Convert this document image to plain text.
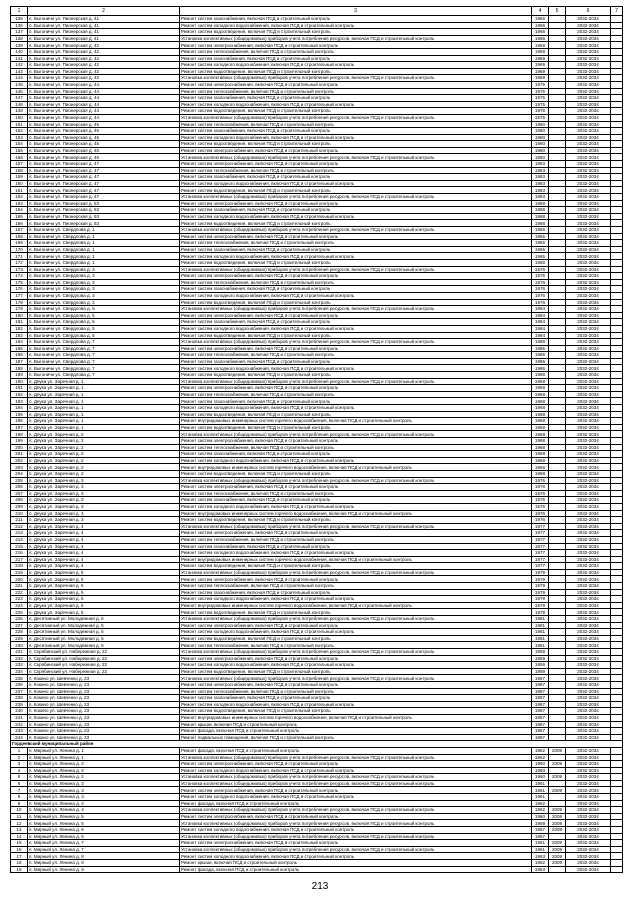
1	2	3	4	5	6	7
135	п. Выгоничи ул. Пионерская д. 41	Ремонт систем газоснабжения, включая ПСД и строительный контроль	1966		2032-2034	
136	п. Выгоничи ул. Пионерская д. 41	Ремонт систем холодного водоснабжения, включая ПСД и строительный контроль	1966		2032-2034	
137	п. Выгоничи ул. Пионерская д. 41	Ремонт систем водоотведения, включая ПСД и строительный контроль	1966		2032-2034	
138	п. Выгоничи ул. Пионерская д. 41	Установка коллективных (общедомовых) приборов учета потребления ресурсов, включая ПСД и строительный контроль	1966		2032-2034	
139	п. Выгоничи ул. Пионерская д. 42	Ремонт систем электроснабжения, включая ПСД и строительный контроль	1969		2032-2034	
140	п. Выгоничи ул. Пионерская д. 42	Ремонт систем теплоснабжения, включая ПСД и строительный контроль	1969		2032-2034	
141	п. Выгоничи ул. Пионерская д. 42	Ремонт систем газоснабжения, включая ПСД и строительный контроль	1969		2032-2034	
142	п. Выгоничи ул. Пионерская д. 42	Ремонт систем холодного водоснабжения, включая ПСД и строительный контроль	1969		2032-2034	
143	п. Выгоничи ул. Пионерская д. 42	Ремонт систем водоотведения, включая ПСД и строительный контроль	1969		2032-2034	
144	п. Выгоничи ул. Пионерская д. 42	Установка коллективных (общедомовых) приборов учета потребления ресурсов, включая ПСД и строительный контроль	1969		2032-2034	
145	п. Выгоничи ул. Пионерская д. 44	Ремонт систем электроснабжения, включая ПСД и строительный контроль	1975		2032-2034	
146	п. Выгоничи ул. Пионерская д. 44	Ремонт систем теплоснабжения, включая ПСД и строительный контроль	1975		2032-2034	
147	п. Выгоничи ул. Пионерская д. 44	Ремонт систем газоснабжения, включая ПСД и строительный контроль	1975		2032-2034	
148	п. Выгоничи ул. Пионерская д. 44	Ремонт систем холодного водоснабжения, включая ПСД и строительный контроль	1975		2032-2034	
149	п. Выгоничи ул. Пионерская д. 44	Ремонт систем водоотведения, включая ПСД и строительный контроль	1975		2032-2034	
150	п. Выгоничи ул. Пионерская д. 44	Установка коллективных (общедомовых) приборов учета потребления ресурсов, включая ПСД и строительный контроль	1975		2032-2034	
151	п. Выгоничи ул. Пионерская д. 45	Ремонт систем теплоснабжения, включая ПСД и строительный контроль	1980		2032-2034	
152	п. Выгоничи ул. Пионерская д. 45	Ремонт систем газоснабжения, включая ПСД и строительный контроль	1980		2032-2034	
153	п. Выгоничи ул. Пионерская д. 45	Ремонт систем холодного водоснабжения, включая ПСД и строительный контроль	1980		2032-2034	
154	п. Выгоничи ул. Пионерская д. 45	Ремонт систем водоотведения, включая ПСД и строительный контроль	1980		2032-2034	
155	п. Выгоничи ул. Пионерская д. 45	Ремонт систем электроснабжения, включая ПСД и строительный контроль	1980		2032-2034	
156	п. Выгоничи ул. Пионерская д. 45	Установка коллективных (общедомовых) приборов учета потребления ресурсов, включая ПСД и строительный контроль	1980		2032-2034	
157	п. Выгоничи ул. Пионерская д. 47	Ремонт систем электроснабжения, включая ПСД и строительный контроль	1983		2032-2034	
158	п. Выгоничи ул. Пионерская д. 47	Ремонт систем теплоснабжения, включая ПСД и строительный контроль	1983		2032-2034	
159	п. Выгоничи ул. Пионерская д. 47	Ремонт систем газоснабжения, включая ПСД и строительный контроль	1983		2032-2034	
160	п. Выгоничи ул. Пионерская д. 47	Ремонт систем холодного водоснабжения, включая ПСД и строительный контроль	1983		2032-2034	
161	п. Выгоничи ул. Пионерская д. 47	Ремонт систем водоотведения, включая ПСД и строительный контроль	1983		2032-2034	
162	п. Выгоничи ул. Пионерская д. 47	Установка коллективных (общедомовых) приборов учета потребления ресурсов, включая ПСД и строительный контроль	1983		2032-2034	
163	п. Выгоничи ул. Пионерская д. 53	Ремонт систем электроснабжения, включая ПСД и строительный контроль	1988		2032-2034	
164	п. Выгоничи ул. Пионерская д. 53	Ремонт систем газоснабжения, включая ПСД и строительный контроль	1988		2032-2034	
165	п. Выгоничи ул. Пионерская д. 53	Ремонт систем холодного водоснабжения, включая ПСД и строительный контроль	1988		2032-2034	
166	п. Выгоничи ул. Пионерская д. 53	Ремонт систем водоотведения, включая ПСД и строительный контроль	1988		2032-2034	
167	п. Выгоничи ул. Свердлова д. 1	Установка коллективных (общедомовых) приборов учета потребления ресурсов, включая ПСД и строительный контроль	1965		2032-2034	
168	п. Выгоничи ул. Свердлова д. 1	Ремонт систем электроснабжения, включая ПСД и строительный контроль	1965		2032-2034	
169	п. Выгоничи ул. Свердлова д. 1	Ремонт систем теплоснабжения, включая ПСД и строительный контроль	1965		2032-2034	
170	п. Выгоничи ул. Свердлова д. 1	Ремонт систем газоснабжения, включая ПСД и строительный контроль	1965		2032-2034	
171	п. Выгоничи ул. Свердлова д. 1	Ремонт систем холодного водоснабжения, включая ПСД и строительный контроль	1965		2032-2034	
172	п. Выгоничи ул. Свердлова д. 1	Ремонт систем водоотведения, включая ПСД и строительный контроль	1965		2032-2034	
173	п. Выгоничи ул. Свердлова д. 3	Установка коллективных (общедомовых) приборов учета потребления ресурсов, включая ПСД и строительный контроль	1976		2032-2034	
174	п. Выгоничи ул. Свердлова д. 3	Ремонт систем электроснабжения, включая ПСД и строительный контроль	1976		2032-2034	
175	п. Выгоничи ул. Свердлова д. 3	Ремонт систем теплоснабжения, включая ПСД и строительный контроль	1976		2032-2034	
176	п. Выгоничи ул. Свердлова д. 3	Ремонт систем газоснабжения, включая ПСД и строительный контроль	1976		2032-2034	
177	п. Выгоничи ул. Свердлова д. 3	Ремонт систем холодного водоснабжения, включая ПСД и строительный контроль	1976		2032-2034	
178	п. Выгоничи ул. Свердлова д. 3	Ремонт систем водоотведения, включая ПСД и строительный контроль	1976		2032-2034	
179	п. Выгоничи ул. Свердлова д. 5	Установка коллективных (общедомовых) приборов учета потребления ресурсов, включая ПСД и строительный контроль	1984		2032-2034	
180	п. Выгоничи ул. Свердлова д. 5	Ремонт систем электроснабжения, включая ПСД и строительный контроль	1984		2032-2034	
181	п. Выгоничи ул. Свердлова д. 5	Ремонт систем газоснабжения, включая ПСД и строительный контроль	1984		2032-2034	
182	п. Выгоничи ул. Свердлова д. 5	Ремонт систем холодного водоснабжения, включая ПСД и строительный контроль	1984		2032-2034	
183	п. Выгоничи ул. Свердлова д. 5	Ремонт систем водоотведения, включая ПСД и строительный контроль	1984		2032-2034	
184	п. Выгоничи ул. Свердлова д. 7	Установка коллективных (общедомовых) приборов учета потребления ресурсов, включая ПСД и строительный контроль	1986		2032-2034	
185	п. Выгоничи ул. Свердлова д. 7	Ремонт систем электроснабжения, включая ПСД и строительный контроль	1986		2032-2034	
186	п. Выгоничи ул. Свердлова д. 7	Ремонт систем теплоснабжения, включая ПСД и строительный контроль	1986		2032-2034	
187	п. Выгоничи ул. Свердлова д. 7	Ремонт систем газоснабжения, включая ПСД и строительный контроль	1986		2032-2034	
188	п. Выгоничи ул. Свердлова д. 7	Ремонт систем холодного водоснабжения, включая ПСД и строительный контроль	1986		2032-2034	
189	п. Выгоничи ул. Свердлова д. 7	Ремонт систем водоотведения, включая ПСД и строительный контроль	1986		2032-2034	
190	п. Деука ул. Заречная д. 1	Установка коллективных (общедомовых) приборов учета потребления ресурсов, включая ПСД и строительный контроль	1968		2032-2034	
191	п. Деука ул. Заречная д. 1	Ремонт систем электроснабжения, включая ПСД и строительный контроль	1968		2032-2034	
192	п. Деука ул. Заречная д. 1	Ремонт систем теплоснабжения, включая ПСД и строительный контроль	1968		2032-2034	
193	п. Деука ул. Заречная д. 1	Ремонт систем газоснабжения, включая ПСД и строительный контроль	1968		2032-2034	
194	п. Деука ул. Заречная д. 1	Ремонт систем холодного водоснабжения, включая ПСД и строительный контроль	1968		2032-2034	
195	п. Деука ул. Заречная д. 1	Ремонт систем водоотведения, включая ПСД и строительный контроль	1968		2032-2034	
196	п. Деука ул. Заречная д. 1	Ремонт внутридомовых инженерных систем горячего водоснабжения, включая ПСД и строительный контроль	1968		2032-2034	
197	п. Деука ул. Заречная д. 1	Ремонт систем водоотведения, включая ПСД и строительный контроль	1968		2032-2034	
198	п. Деука ул. Заречная д. 2	Установка коллективных (общедомовых) приборов учета потребления ресурсов, включая ПСД и строительный контроль	1968		2032-2034	
199	п. Деука ул. Заречная д. 2	Ремонт систем электроснабжения, включая ПСД и строительный контроль	1968		2032-2034	
200	п. Деука ул. Заречная д. 2	Ремонт систем теплоснабжения, включая ПСД и строительный контроль	1968		2032-2034	
201	п. Деука ул. Заречная д. 2	Ремонт систем газоснабжения, включая ПСД и строительный контроль	1968		2032-2034	
202	п. Деука ул. Заречная д. 2	Ремонт систем холодного водоснабжения, включая ПСД и строительный контроль	1968		2032-2034	
203	п. Деука ул. Заречная д. 2	Ремонт внутридомовых инженерных систем горячего водоснабжения, включая ПСД и строительный контроль	1968		2032-2034	
204	п. Деука ул. Заречная д. 2	Ремонт систем водоотведения, включая ПСД и строительный контроль	1968		2032-2034	
205	п. Деука ул. Заречная д. 3	Установка коллективных (общедомовых) приборов учета потребления ресурсов, включая ПСД и строительный контроль	1976		2032-2034	
206	п. Деука ул. Заречная д. 3	Ремонт систем электроснабжения, включая ПСД и строительный контроль	1976		2032-2034	
207	п. Деука ул. Заречная д. 3	Ремонт систем теплоснабжения, включая ПСД и строительный контроль	1976		2032-2034	
208	п. Деука ул. Заречная д. 3	Ремонт систем газоснабжения, включая ПСД и строительный контроль	1976		2032-2034	
209	п. Деука ул. Заречная д. 3	Ремонт систем холодного водоснабжения, включая ПСД и строительный контроль	1976		2032-2034	
210	п. Деука ул. Заречная д. 3	Ремонт внутридомовых инженерных систем горячего водоснабжения, включая ПСД и строительный контроль	1976		2032-2034	
211	п. Деука ул. Заречная д. 3	Ремонт систем водоотведения, включая ПСД и строительный контроль	1976		2032-2034	
212	п. Деука ул. Заречная д. 4	Установка коллективных (общедомовых) приборов учета потребления ресурсов, включая ПСД и строительный контроль	1977		2032-2034	
213	п. Деука ул. Заречная д. 4	Ремонт систем электроснабжения, включая ПСД и строительный контроль	1977		2032-2034	
214	п. Деука ул. Заречная д. 4	Ремонт систем теплоснабжения, включая ПСД и строительный контроль	1977		2032-2034	
215	п. Деука ул. Заречная д. 4	Ремонт систем газоснабжения, включая ПСД и строительный контроль	1977		2032-2034	
216	п. Деука ул. Заречная д. 4	Ремонт систем холодного водоснабжения, включая ПСД и строительный контроль	1977		2032-2034	
217	п. Деука ул. Заречная д. 4	Ремонт внутридомовых инженерных систем горячего водоснабжения, включая ПСД и строительный контроль	1977		2032-2034	
218	п. Деука ул. Заречная д. 4	Ремонт систем водоотведения, включая ПСД и строительный контроль	1977		2032-2034	
219	п. Деука ул. Заречная д. 5	Установка коллективных (общедомовых) приборов учета потребления ресурсов, включая ПСД и строительный контроль	1979		2032-2034	
220	п. Деука ул. Заречная д. 5	Ремонт систем электроснабжения, включая ПСД и строительный контроль	1979		2032-2034	
221	п. Деука ул. Заречная д. 5	Ремонт систем теплоснабжения, включая ПСД и строительный контроль	1979		2032-2034	
222	п. Деука ул. Заречная д. 5	Ремонт систем газоснабжения, включая ПСД и строительный контроль	1979		2032-2034	
223	п. Деука ул. Заречная д. 5	Ремонт систем холодного водоснабжения, включая ПСД и строительный контроль	1979		2032-2034	
224	п. Деука ул. Заречная д. 5	Ремонт внутридомовых инженерных систем горячего водоснабжения, включая ПСД и строительный контроль	1979		2032-2034	
225	п. Деука ул. Заречная д. 5	Ремонт систем водоотведения, включая ПСД и строительный контроль	1979		2032-2034	
226	п. Десятинный ул. Молодежная д. 5	Установка коллективных (общедомовых) приборов учета потребления ресурсов, включая ПСД и строительный контроль	1981		2032-2034	
227	п. Десятинный ул. Молодежная д. 5	Ремонт систем электроснабжения, включая ПСД и строительный контроль	1981		2032-2034	
228	п. Десятинный ул. Молодежная д. 5	Ремонт систем холодного водоснабжения, включая ПСД и строительный контроль	1981		2032-2034	
229	п. Десятинный ул. Молодежная д. 5	Ремонт систем водоотведения, включая ПСД и строительный контроль	1981		2032-2034	
230	п. Десятинный ул. Молодежная д. 5	Ремонт систем теплоснабжения, включая ПСД и строительный контроль	1981		2032-2034	
231	п. Скрябинский ул. Набережная д. 22	Установка коллективных (общедомовых) приборов учета потребления ресурсов, включая ПСД и строительный контроль	1959		2032-2034	
232	п. Скрябинский ул. Набережная д. 22	Ремонт систем электроснабжения, включая ПСД и строительный контроль	1959		2032-2034	
233	п. Скрябинский ул. Набережная д. 22	Ремонт систем холодного водоснабжения, включая ПСД и строительный контроль	1959		2032-2034	
234	п. Скрябинский ул. Набережная д. 22	Ремонт систем водоотведения, включая ПСД и строительный контроль	1959		2032-2034	
235	п. Кокино ул. Шевченко д. 23	Установка коллективных (общедомовых) приборов учета потребления ресурсов, включая ПСД и строительный контроль	1987		2032-2034	
236	п. Кокино ул. Шевченко д. 23	Ремонт систем электроснабжения, включая ПСД и строительный контроль	1987		2032-2034	
237	п. Кокино ул. Шевченко д. 23	Ремонт систем теплоснабжения, включая ПСД и строительный контроль	1987		2032-2034	
238	п. Кокино ул. Шевченко д. 23	Ремонт систем газоснабжения, включая ПСД и строительный контроль	1987		2032-2034	
239	п. Кокино ул. Шевченко д. 23	Ремонт систем холодного водоснабжения, включая ПСД и строительный контроль	1987		2032-2034	
240	п. Кокино ул. Шевченко д. 23	Ремонт систем водоотведения, включая ПСД и строительный контроль	1987		2032-2034	
241	п. Кокино ул. Шевченко д. 23	Ремонт внутридомовых инженерных систем горячего водоснабжения, включая ПСД и строительный контроль	1987		2032-2034	
242	п. Кокино ул. Шевченко д. 23	Ремонт крыши, включая ПСД и строительный контроль	1987		2032-2034	
243	п. Кокино ул. Шевченко д. 23	Ремонт фасада, включая ПСД и строительный контроль	1987		2032-2034	
244	п. Кокино ул. Шевченко д. 23	Ремонт подвальных помещений, включая ПСД и строительный контроль	1987		2032-2034	
Гордеевский муниципальный район						
1	п. Мирный ул. Ленина д. 1	Ремонт фасада, включая ПСД и строительный контроль	1962	2008	2032-2034	
2	п. Мирный ул. Ленина д. 1	Установка коллективных (общедомовых) приборов учета потребления ресурсов, включая ПСД и строительный контроль	1962		2032-2034	
3	п. Мирный ул. Ленина д. 2	Ремонт систем электроснабжения, включая ПСД и строительный контроль	1960	2009	2032-2034	
4	п. Мирный ул. Ленина д. 2	Ремонт систем холодного водоснабжения, включая ПСД и строительный контроль	1960		2032-2034	
5	п. Мирный ул. Ленина д. 2	Установка коллективных (общедомовых) приборов учета потребления ресурсов, включая ПСД и строительный контроль	1960	2009	2032-2034	
6	п. Мирный ул. Ленина д. 3	Установка коллективных (общедомовых) приборов учета потребления ресурсов, включая ПСД и строительный контроль	1961		2032-2034	
7	п. Мирный ул. Ленина д. 3	Ремонт систем электроснабжения, включая ПСД и строительный контроль	1961	2009	2032-2034	
8	п. Мирный ул. Ленина д. 3	Ремонт систем холодного водоснабжения, включая ПСД и строительный контроль	1961		2032-2034	
9	п. Мирный ул. Ленина д. 4	Ремонт фасада, включая ПСД и строительный контроль	1962		2032-2034	
10	п. Мирный ул. Ленина д. 4	Установка коллективных (общедомовых) приборов учета потребления ресурсов, включая ПСД и строительный контроль	1962	2009	2032-2034	
11	п. Мирный ул. Ленина д. 5	Ремонт систем электроснабжения, включая ПСД и строительный контроль	1960	2008	2032-2034	
12	п. Мирный ул. Ленина д. 5	Установка коллективных (общедомовых) приборов учета потребления ресурсов, включая ПСД и строительный контроль	1959	2008	2032-2034	
13	п. Мирный ул. Ленина д. 6	Ремонт систем холодного водоснабжения, включая ПСД и строительный контроль	1957	2008	2032-2034	
14	п. Мирный ул. Ленина д. 6	Установка коллективных (общедомовых) приборов учета потребления ресурсов, включая ПСД и строительный контроль	1957		2032-2034	
15	п. Мирный ул. Ленина д. 7	Ремонт систем электроснабжения, включая ПСД и строительный контроль	1961	2009	2032-2034	
16	п. Мирный ул. Ленина д. 7	Установка коллективных (общедомовых) приборов учета потребления ресурсов, включая ПСД и строительный контроль	1961	2009	2032-2034	
17	п. Мирный ул. Ленина д. 8	Ремонт систем холодного водоснабжения, включая ПСД и строительный контроль	1963	2009	2032-2034	
18	п. Мирный ул. Ленина д. 8	Ремонт крыши, включая ПСД и строительный контроль	1962	2009	2032-2034	
19	п. Мирный ул. Ленина д. 9	Ремонт фасада, включая ПСД и строительный контроль	1963		2032-2034	
213
